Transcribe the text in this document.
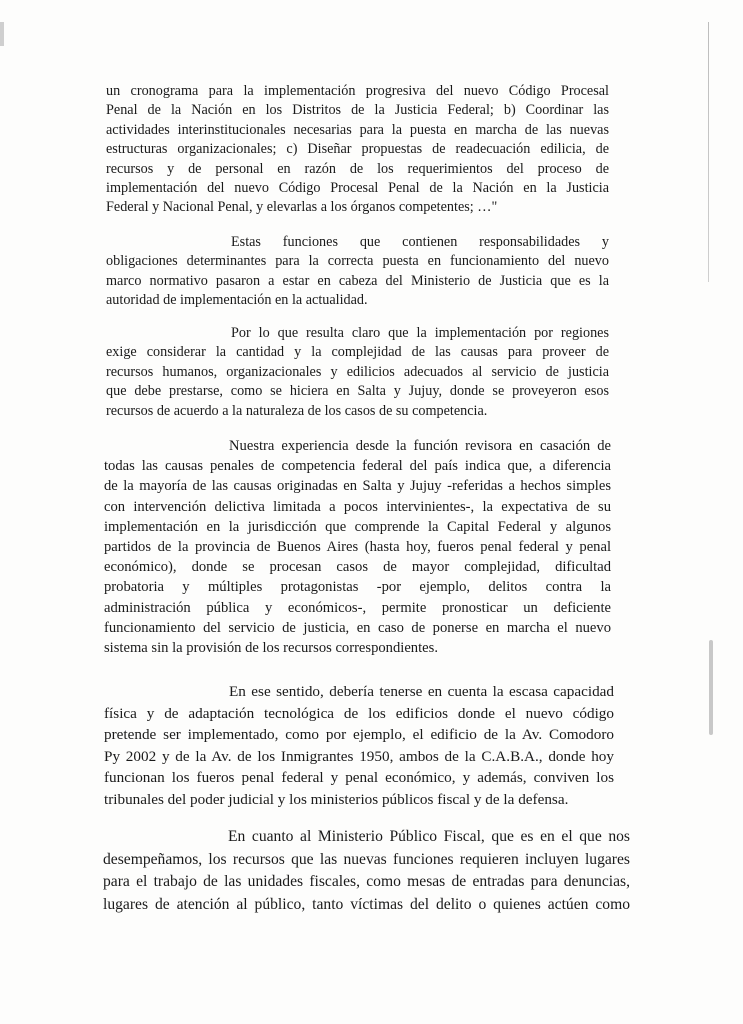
un cronograma para la implementación progresiva del nuevo Código Procesal
Penal de la Nación en los Distritos de la Justicia Federal; b) Coordinar las
actividades interinstitucionales necesarias para la puesta en marcha de las nuevas
estructuras organizacionales; c) Diseñar propuestas de readecuación edilicia, de
recursos y de personal en razón de los requerimientos del proceso de
implementación del nuevo Código Procesal Penal de la Nación en la Justicia
Federal y Nacional Penal, y elevarlas a los órganos competentes; …"

Estas funciones que contienen responsabilidades y
obligaciones determinantes para la correcta puesta en funcionamiento del nuevo
marco normativo pasaron a estar en cabeza del Ministerio de Justicia que es la
autoridad de implementación en la actualidad.

Por lo que resulta claro que la implementación por regiones
exige considerar la cantidad y la complejidad de las causas para proveer de
recursos humanos, organizacionales y edilicios adecuados al servicio de justicia
que debe prestarse, como se hiciera en Salta y Jujuy, donde se proveyeron esos
recursos de acuerdo a la naturaleza de los casos de su competencia.

Nuestra experiencia desde la función revisora en casación de
todas las causas penales de competencia federal del país indica que, a diferencia
de la mayoría de las causas originadas en Salta y Jujuy -referidas a hechos simples
con intervención delictiva limitada a pocos intervinientes-, la expectativa de su
implementación en la jurisdicción que comprende la Capital Federal y algunos
partidos de la provincia de Buenos Aires (hasta hoy, fueros penal federal y penal
económico), donde se procesan casos de mayor complejidad, dificultad
probatoria y múltiples protagonistas -por ejemplo, delitos contra la
administración pública y económicos-, permite pronosticar un deficiente
funcionamiento del servicio de justicia, en caso de ponerse en marcha el nuevo
sistema sin la provisión de los recursos correspondientes.

En ese sentido, debería tenerse en cuenta la escasa capacidad
física y de adaptación tecnológica de los edificios donde el nuevo código
pretende ser implementado, como por ejemplo, el edificio de la Av. Comodoro
Py 2002 y de la Av. de los Inmigrantes 1950, ambos de la C.A.B.A., donde hoy
funcionan los fueros penal federal y penal económico, y además, conviven los
tribunales del poder judicial y los ministerios públicos fiscal y de la defensa.

En cuanto al Ministerio Público Fiscal, que es en el que nos
desempeñamos, los recursos que las nuevas funciones requieren incluyen lugares
para el trabajo de las unidades fiscales, como mesas de entradas para denuncias,
lugares de atención al público, tanto víctimas del delito o quienes actúen como
